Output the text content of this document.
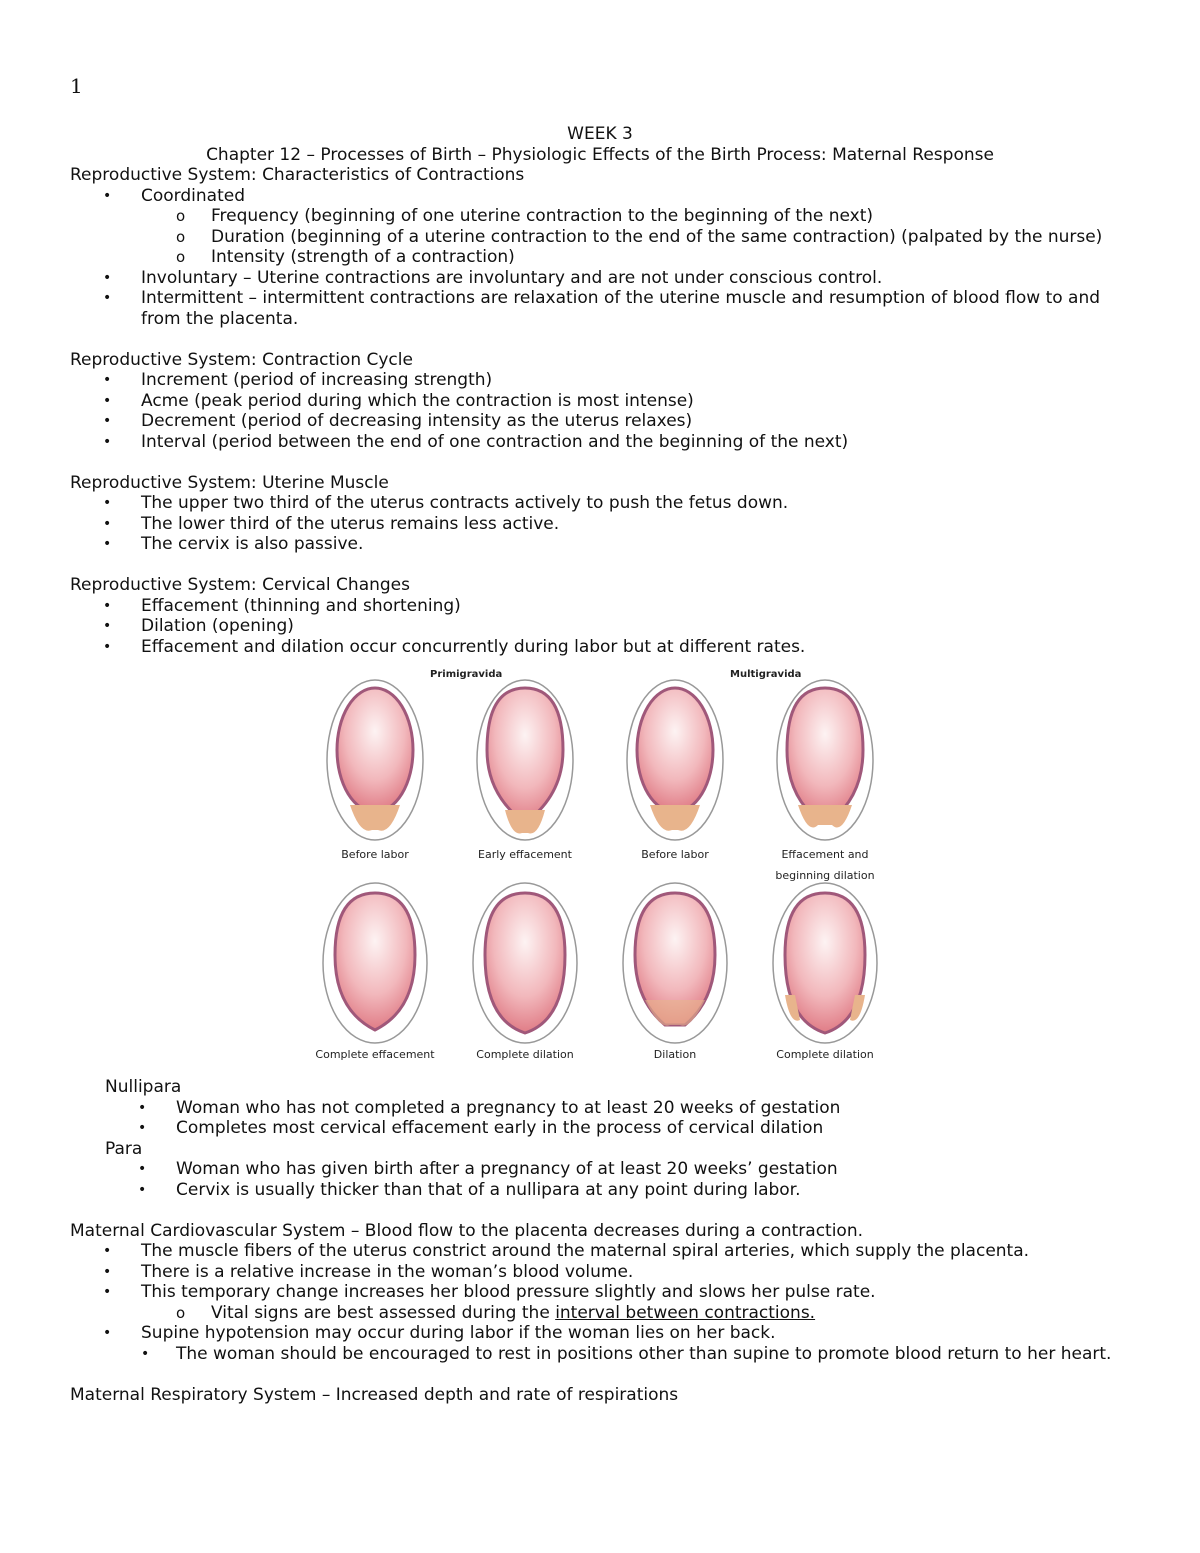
1
WEEK 3
Chapter 12 – Processes of Birth – Physiologic Effects of the Birth Process: Maternal Response
Reproductive System: Characteristics of Contractions
• Coordinated
o Frequency (beginning of one uterine contraction to the beginning of the next)
o Duration (beginning of a uterine contraction to the end of the same contraction) (palpated by the nurse)
o Intensity (strength of a contraction)
• Involuntary – Uterine contractions are involuntary and are not under conscious control.
• Intermittent – intermittent contractions are relaxation of the uterine muscle and resumption of blood flow to and from the placenta.
Reproductive System: Contraction Cycle
• Increment (period of increasing strength)
• Acme (peak period during which the contraction is most intense)
• Decrement (period of decreasing intensity as the uterus relaxes)
• Interval (period between the end of one contraction and the beginning of the next)
Reproductive System: Uterine Muscle
• The upper two third of the uterus contracts actively to push the fetus down.
• The lower third of the uterus remains less active.
• The cervix is also passive.
Reproductive System: Cervical Changes
• Effacement (thinning and shortening)
• Dilation (opening)
• Effacement and dilation occur concurrently during labor but at different rates.
Primigravida	Multigravida
Before labor	Early effacement	Before labor	Effacement and beginning dilation
Complete effacement	Complete dilation	Dilation	Complete dilation
Nullipara
• Woman who has not completed a pregnancy to at least 20 weeks of gestation
• Completes most cervical effacement early in the process of cervical dilation
Para
• Woman who has given birth after a pregnancy of at least 20 weeks’ gestation
• Cervix is usually thicker than that of a nullipara at any point during labor.
Maternal Cardiovascular System – Blood flow to the placenta decreases during a contraction.
• The muscle fibers of the uterus constrict around the maternal spiral arteries, which supply the placenta.
• There is a relative increase in the woman’s blood volume.
• This temporary change increases her blood pressure slightly and slows her pulse rate.
o Vital signs are best assessed during the interval between contractions.
• Supine hypotension may occur during labor if the woman lies on her back.
• The woman should be encouraged to rest in positions other than supine to promote blood return to her heart.
Maternal Respiratory System – Increased depth and rate of respirations
